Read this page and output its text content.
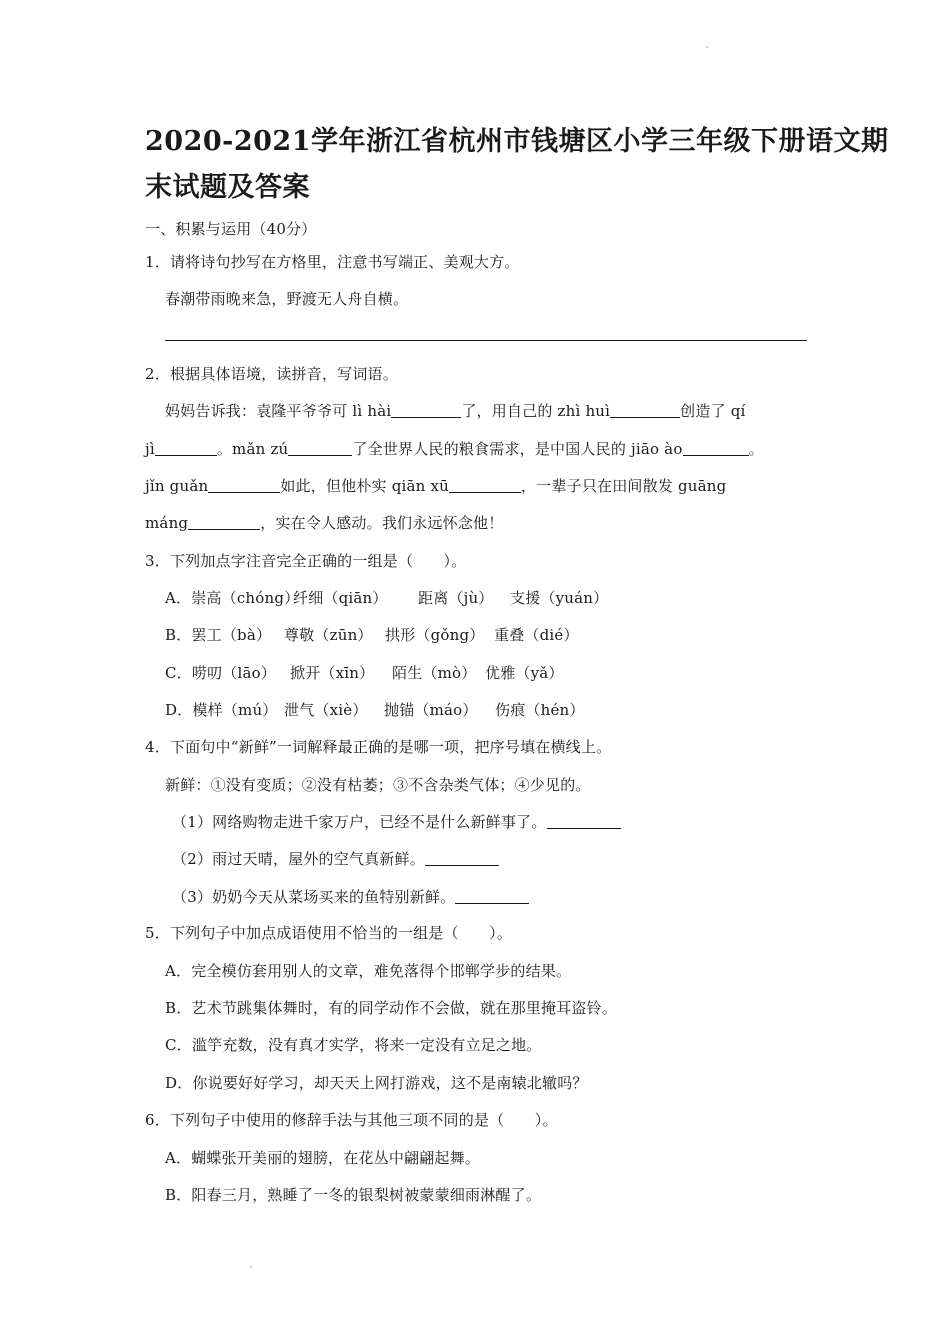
2020-2021学年浙江省杭州市钱塘区小学三年级下册语文期
末试题及答案
一、积累与运用（40分）
1．请将诗句抄写在方格里，注意书写端正、美观大方。
春潮带雨晚来急，野渡无人舟自横。
2．根据具体语境，读拼音，写词语。
妈妈告诉我：袁隆平爷爷可 lì hài	了，用自己的 zhì huì	创造了 qí
jì	。mǎn zú	了全世界人民的粮食需求，是中国人民的 jiāo ào	。
jǐn guǎn	如此，但他朴实 qiān xū	，一辈子只在田间散发 guāng
máng	，实在令人感动。我们永远怀念他！
3．下列加点字注音完全正确的一组是（　　）。
A．崇高（chóng）纤细（qiān） 距离（jù） 支援（yuán）
B．罢工（bà） 尊敬（zūn） 拱形（gǒng） 重叠（dié）
C．唠叨（lāo） 掀开（xīn） 陌生（mò） 优雅（yǎ）
D．模样（mú） 泄气（xiè） 抛锚（máo） 伤痕（hén）
4．下面句中“新鲜”一词解释最正确的是哪一项，把序号填在横线上。
新鲜：①没有变质；②没有枯萎；③不含杂类气体；④少见的。
（1）网络购物走进千家万户，已经不是什么新鲜事了。
（2）雨过天晴，屋外的空气真新鲜。
（3）奶奶今天从菜场买来的鱼特别新鲜。
5．下列句子中加点成语使用不恰当的一组是（　　）。
A．完全模仿套用别人的文章，难免落得个邯郸学步的结果。
B．艺术节跳集体舞时，有的同学动作不会做，就在那里掩耳盗铃。
C．滥竽充数，没有真才实学，将来一定没有立足之地。
D．你说要好好学习，却天天上网打游戏，这不是南辕北辙吗？
6．下列句子中使用的修辞手法与其他三项不同的是（　　）。
A．蝴蝶张开美丽的翅膀，在花丛中翩翩起舞。
B．阳春三月，熟睡了一冬的银梨树被蒙蒙细雨淋醒了。
